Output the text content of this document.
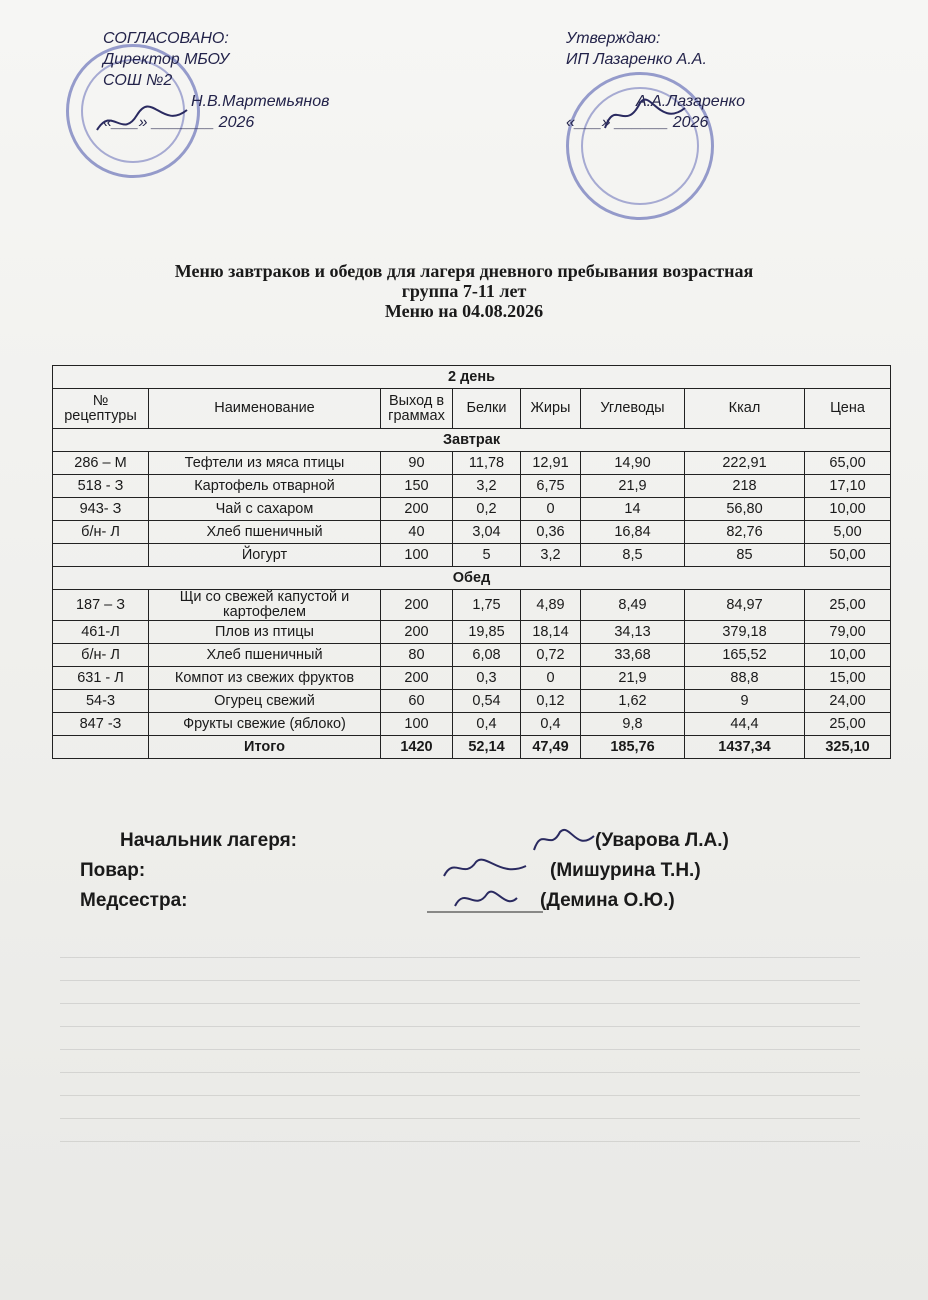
СОГЛАСОВАНО:
Директор МБОУ
СОШ №2
Н.В.Мартемьянов
«___» _______ 2026
Утверждаю:
ИП Лазаренко А.А.
А.А.Лазаренко
«___» ______ 2026
Меню завтраков и обедов для лагеря дневного пребывания возрастная
группа 7-11 лет
Меню на 04.08.2026
2 день							
№ рецептуры	Наименование	Выход в граммах	Белки	Жиры	Углеводы	Ккал	Цена
Завтрак							
286 – М	Тефтели из мяса птицы	90	11,78	12,91	14,90	222,91	65,00
518 - З	Картофель отварной	150	3,2	6,75	21,9	218	17,10
943- З	Чай с сахаром	200	0,2	0	14	56,80	10,00
б/н- Л	Хлеб пшеничный	40	3,04	0,36	16,84	82,76	5,00
	Йогурт	100	5	3,2	8,5	85	50,00
Обед							
187 – З	Щи со свежей капустой и картофелем	200	1,75	4,89	8,49	84,97	25,00
461-Л	Плов из птицы	200	19,85	18,14	34,13	379,18	79,00
б/н- Л	Хлеб пшеничный	80	6,08	0,72	33,68	165,52	10,00
631 - Л	Компот из свежих фруктов	200	0,3	0	21,9	88,8	15,00
54-3	Огурец свежий	60	0,54	0,12	1,62	9	24,00
847 -З	Фрукты свежие (яблоко)	100	0,4	0,4	9,8	44,4	25,00
	Итого	1420	52,14	47,49	185,76	1437,34	325,10
Начальник лагеря:	(Уварова Л.А.)
Повар:	(Мишурина Т.Н.)
Медсестра:	(Демина О.Ю.)
